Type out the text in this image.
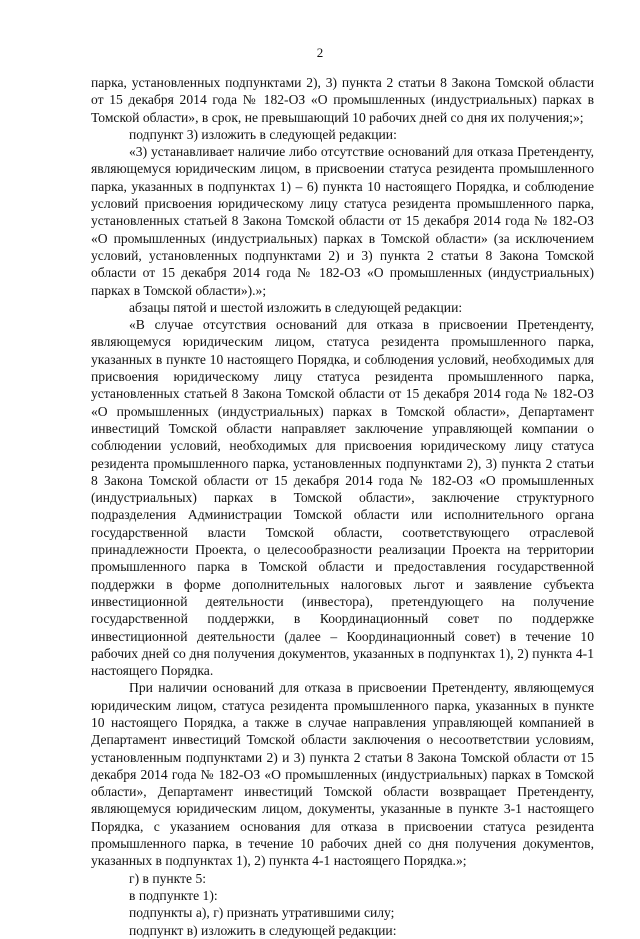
2

парка, установленных подпунктами 2), 3) пункта 2 статьи 8 Закона Томской области от 15 декабря 2014 года № 182-ОЗ «О промышленных (индустриальных) парках в Томской области», в срок, не превышающий 10 рабочих дней со дня их получения;»;

подпункт 3) изложить в следующей редакции:

«3) устанавливает наличие либо отсутствие оснований для отказа Претенденту, являющемуся юридическим лицом, в присвоении статуса резидента промышленного парка, указанных в подпунктах 1) – 6) пункта 10 настоящего Порядка, и соблюдение условий присвоения юридическому лицу статуса резидента промышленного парка, установленных статьей 8 Закона Томской области от 15 декабря 2014 года № 182-ОЗ «О промышленных (индустриальных) парках в Томской области» (за исключением условий, установленных подпунктами 2) и 3) пункта 2 статьи 8 Закона Томской области от 15 декабря 2014 года № 182-ОЗ «О промышленных (индустриальных) парках в Томской области»).»;

абзацы пятой и шестой изложить в следующей редакции:

«В случае отсутствия оснований для отказа в присвоении Претенденту, являющемуся юридическим лицом, статуса резидента промышленного парка, указанных в пункте 10 настоящего Порядка, и соблюдения условий, необходимых для присвоения юридическому лицу статуса резидента промышленного парка, установленных статьей 8 Закона Томской области от 15 декабря 2014 года № 182-ОЗ «О промышленных (индустриальных) парках в Томской области», Департамент инвестиций Томской области направляет заключение управляющей компании о соблюдении условий, необходимых для присвоения юридическому лицу статуса резидента промышленного парка, установленных подпунктами 2), 3) пункта 2 статьи 8 Закона Томской области от 15 декабря 2014 года № 182-ОЗ «О промышленных (индустриальных) парках в Томской области», заключение структурного подразделения Администрации Томской области или исполнительного органа государственной власти Томской области, соответствующего отраслевой принадлежности Проекта, о целесообразности реализации Проекта на территории промышленного парка в Томской области и предоставления государственной поддержки в форме дополнительных налоговых льгот и заявление субъекта инвестиционной деятельности (инвестора), претендующего на получение государственной поддержки, в Координационный совет по поддержке инвестиционной деятельности (далее – Координационный совет) в течение 10 рабочих дней со дня получения документов, указанных в подпунктах 1), 2) пункта 4-1 настоящего Порядка.

При наличии оснований для отказа в присвоении Претенденту, являющемуся юридическим лицом, статуса резидента промышленного парка, указанных в пункте 10 настоящего Порядка, а также в случае направления управляющей компанией в Департамент инвестиций Томской области заключения о несоответствии условиям, установленным подпунктами 2) и 3) пункта 2 статьи 8 Закона Томской области от 15 декабря 2014 года № 182-ОЗ «О промышленных (индустриальных) парках в Томской области», Департамент инвестиций Томской области возвращает Претенденту, являющемуся юридическим лицом, документы, указанные в пункте 3-1 настоящего Порядка, с указанием основания для отказа в присвоении статуса резидента промышленного парка, в течение 10 рабочих дней со дня получения документов, указанных в подпунктах 1), 2) пункта 4-1 настоящего Порядка.»;

г) в пункте 5:

в подпункте 1):

подпункты а), г) признать утратившими силу;

подпункт в) изложить в следующей редакции:
